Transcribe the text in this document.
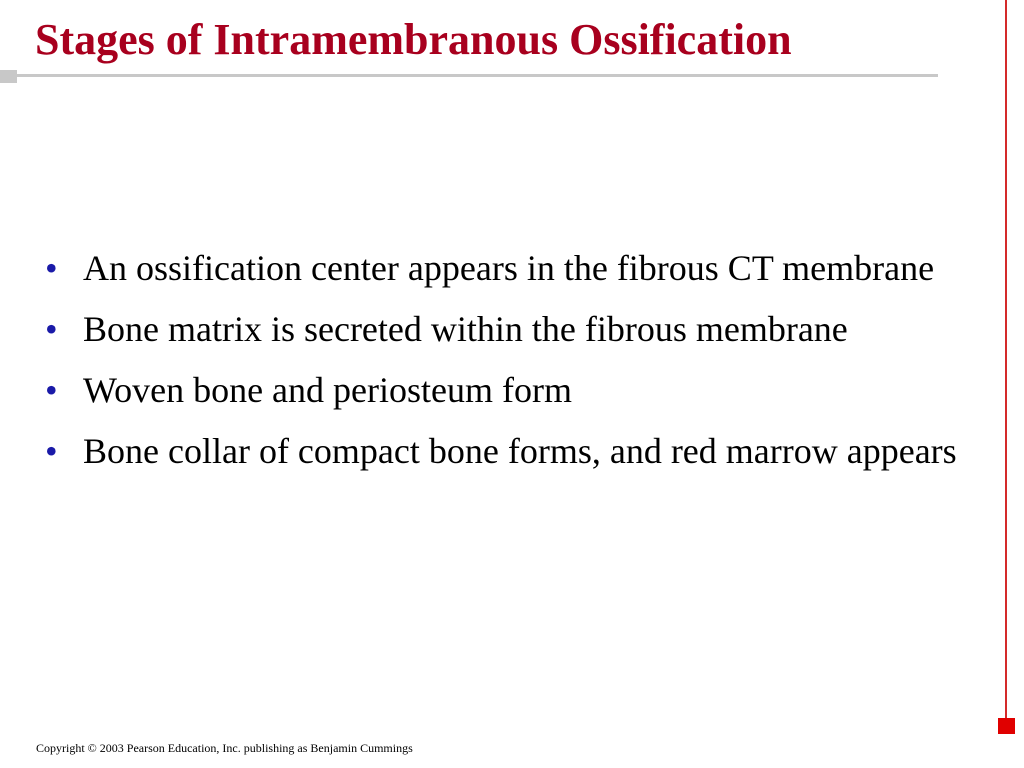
Stages of Intramembranous Ossification
• An ossification center appears in the fibrous CT membrane
• Bone matrix is secreted within the fibrous membrane
• Woven bone and periosteum form
• Bone collar of compact bone forms, and red marrow appears

Copyright © 2003 Pearson Education, Inc. publishing as Benjamin Cummings
